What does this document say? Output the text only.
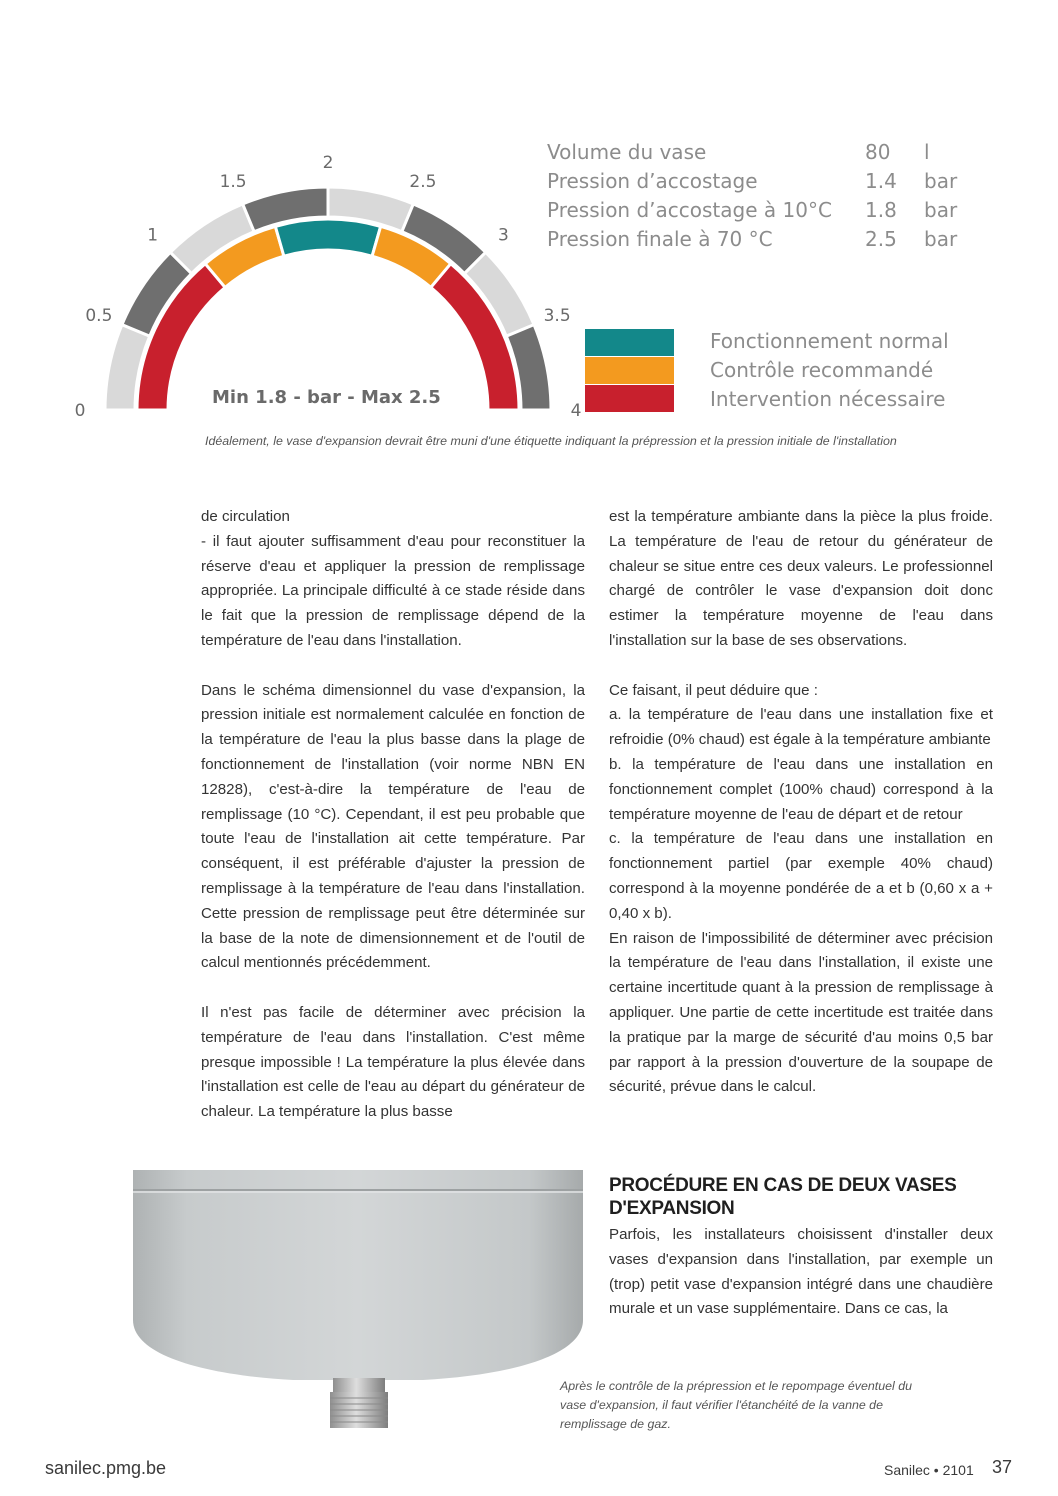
0
0.5
1
1.5
2
2.5
3
3.5
4
Min 1.8 - bar - Max 2.5
Volume du vase	80 l
Pression d’accostage	1.4 bar
Pression d’accostage à 10°C 1.8 bar
Pression finale à 70 °C	2.5 bar
Fonctionnement normal
Contrôle recommandé
Intervention nécessaire
Idéalement, le vase d'expansion devrait être muni d'une étiquette indiquant la prépression et la pression initiale de l'installation

de circulation

- il faut ajouter suffisamment d'eau pour reconstituer la réserve d'eau et appliquer la pression de remplissage appropriée. La principale difficulté à ce stade réside dans le fait que la pression de remplissage dépend de la température de l'eau dans l'installation.

Dans le schéma dimensionnel du vase d'expansion, la pression initiale est normalement calculée en fonction de la température de l'eau la plus basse dans la plage de fonctionnement de l'installation (voir norme NBN EN 12828), c'est-à-dire la température de l'eau de remplissage (10 °C). Cependant, il est peu probable que toute l'eau de l'installation ait cette température. Par conséquent, il est préférable d'ajuster la pression de remplissage à la température de l'eau dans l'installation. Cette pression de remplissage peut être déterminée sur la base de la note de dimensionnement et de l'outil de calcul mentionnés précédemment.

Il n'est pas facile de déterminer avec précision la température de l'eau dans l'installation. C'est même presque impossible ! La température la plus élevée dans l'installation est celle de l'eau au départ du générateur de chaleur. La température la plus basse

est la température ambiante dans la pièce la plus froide. La température de l'eau de retour du générateur de chaleur se situe entre ces deux valeurs. Le professionnel chargé de contrôler le vase d'expansion doit donc estimer la température moyenne de l'eau dans l'installation sur la base de ses observations.

Ce faisant, il peut déduire que :

a. la température de l'eau dans une installation fixe et refroidie (0% chaud) est égale à la température ambiante

b. la température de l'eau dans une installation en fonctionnement complet (100% chaud) correspond à la température moyenne de l'eau de départ et de retour

c. la température de l'eau dans une installation en fonctionnement partiel (par exemple 40% chaud) correspond à la moyenne pondérée de a et b (0,60 x a + 0,40 x b).

En raison de l'impossibilité de déterminer avec précision la température de l'eau dans l'installation, il existe une certaine incertitude quant à la pression de remplissage à appliquer. Une partie de cette incertitude est traitée dans la pratique par la marge de sécurité d'au moins 0,5 bar par rapport à la pression d'ouverture de la soupape de sécurité, prévue dans le calcul.

PROCÉDURE EN CAS DE DEUX VASES
D'EXPANSION

Parfois, les installateurs choisissent d'installer deux vases d'expansion dans l'installation, par exemple un (trop) petit vase d'expansion intégré dans une chaudière murale et un vase supplémentaire. Dans ce cas, la

Après le contrôle de la prépression et le repompage éventuel du
vase d'expansion, il faut vérifier l'étanchéité de la vanne de
remplissage de gaz.
sanilec.pmg.be	Sanilec • 2101 37
